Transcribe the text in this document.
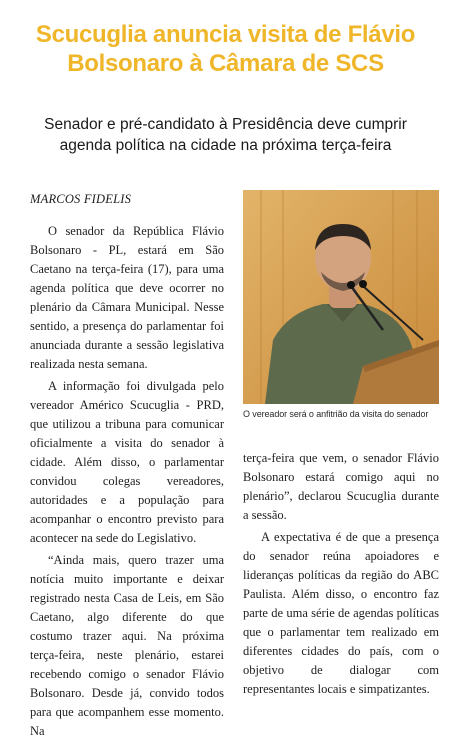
Scucuglia anuncia visita de Flávio
Bolsonaro à Câmara de SCS
Senador e pré-candidato à Presidência deve cumprir
agenda política na cidade na próxima terça-feira
MARCOS FIDELIS

O senador da República Flávio Bolsonaro - PL, estará em São Caetano na terça-feira (17), para uma agenda política que deve ocorrer no plenário da Câmara Municipal. Nesse sentido, a presença do parlamentar foi anunciada durante a sessão legislativa realizada nesta semana.

A informação foi divulgada pelo vereador Américo Scucuglia - PRD, que utilizou a tribuna para comunicar oficialmente a visita do senador à cidade. Além disso, o parlamentar convidou colegas vereadores, autoridades e a população para acompanhar o encontro previsto para acontecer na sede do Legislativo.

“Ainda mais, quero trazer uma notícia muito importante e deixar registrado nesta Casa de Leis, em São Caetano, algo diferente do que costumo trazer aqui. Na próxima terça-feira, neste plenário, estarei recebendo comigo o senador Flávio Bolsonaro. Desde já, convido todos para que acompanhem esse momento. Na

O vereador será o anfitrião da visita do senador

terça-feira que vem, o senador Flávio Bolsonaro estará comigo aqui no plenário”, declarou Scucuglia durante a sessão.

A expectativa é de que a presença do senador reúna apoiadores e lideranças políticas da região do ABC Paulista. Além disso, o encontro faz parte de uma série de agendas políticas que o parlamentar tem realizado em diferentes cidades do país, com o objetivo de dialogar com representantes locais e simpatizantes.
